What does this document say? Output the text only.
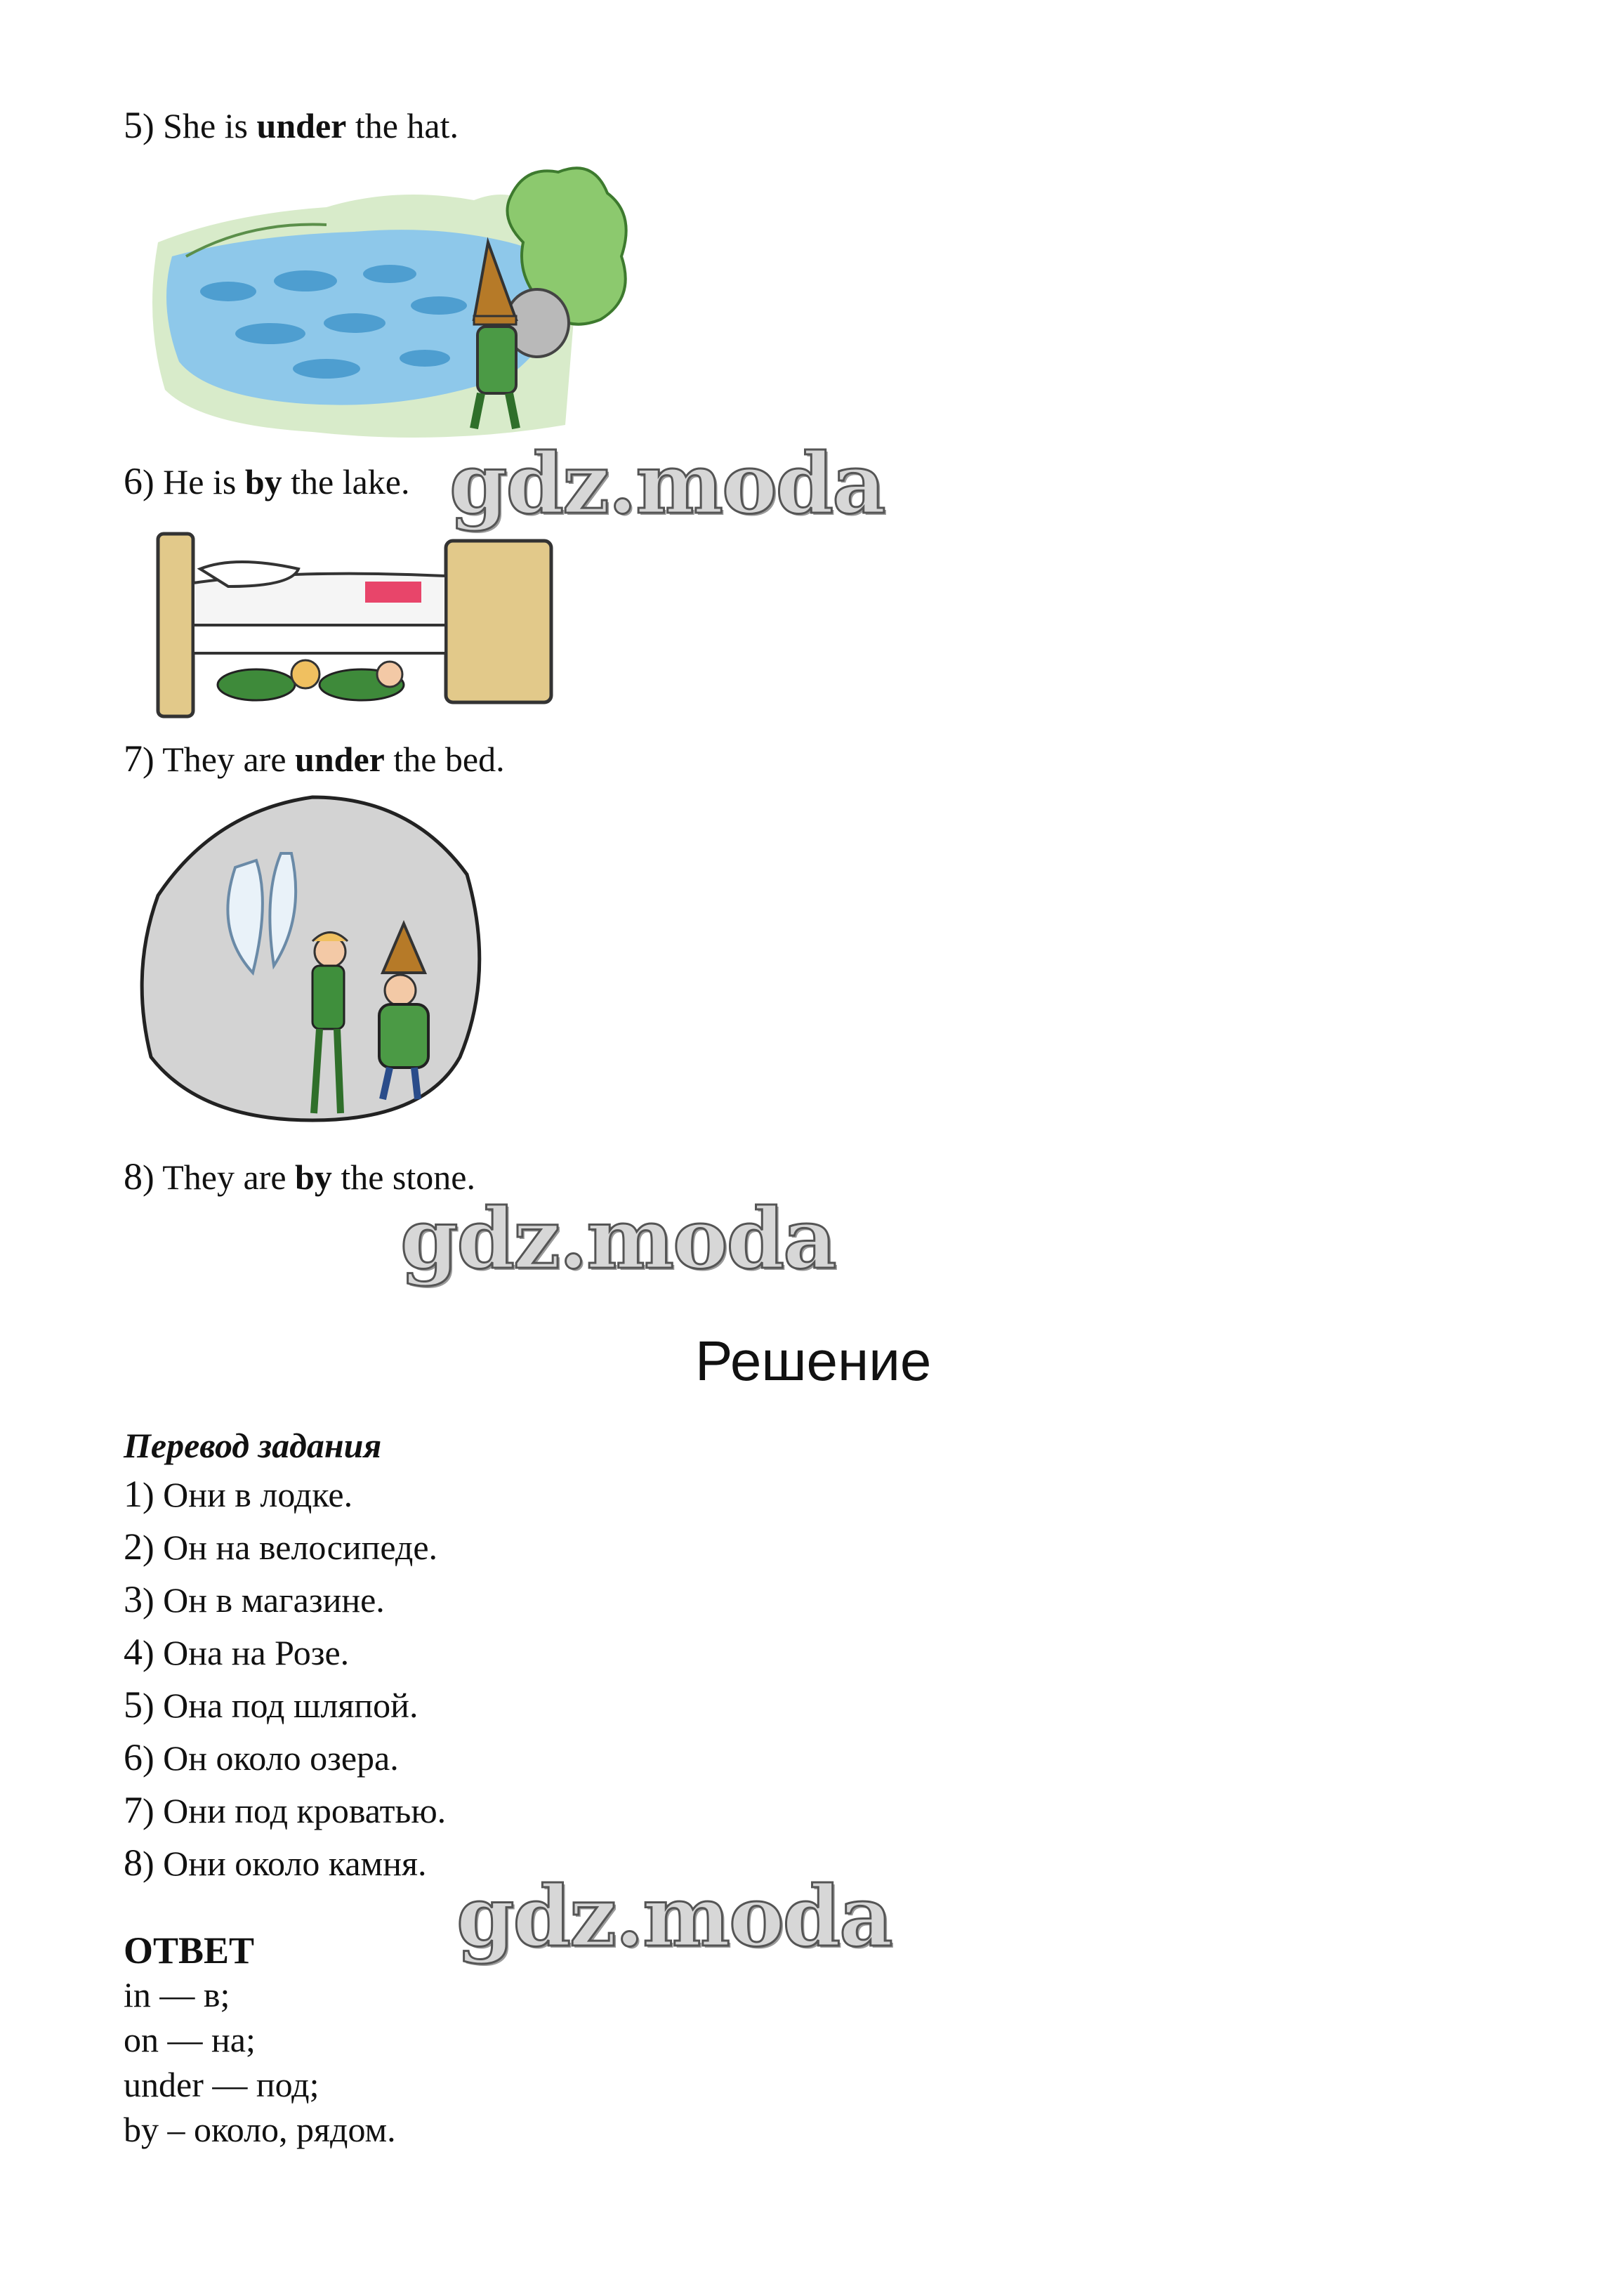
5) She is under the hat.
6) He is by the lake. gdz.moda
7) They are under the bed.
8) They are by the stone.
gdz.moda
Решение
Перевод задания
1) Они в лодке.
2) Он на велосипеде.
3) Он в магазине.
4) Она на Розе.
5) Она под шляпой.
6) Он около озера.
7) Они под кроватью.
8) Они около камня.
gdz.moda
ОТВЕТ
in — в;
on — на;
under — под;
by – около, рядом.
